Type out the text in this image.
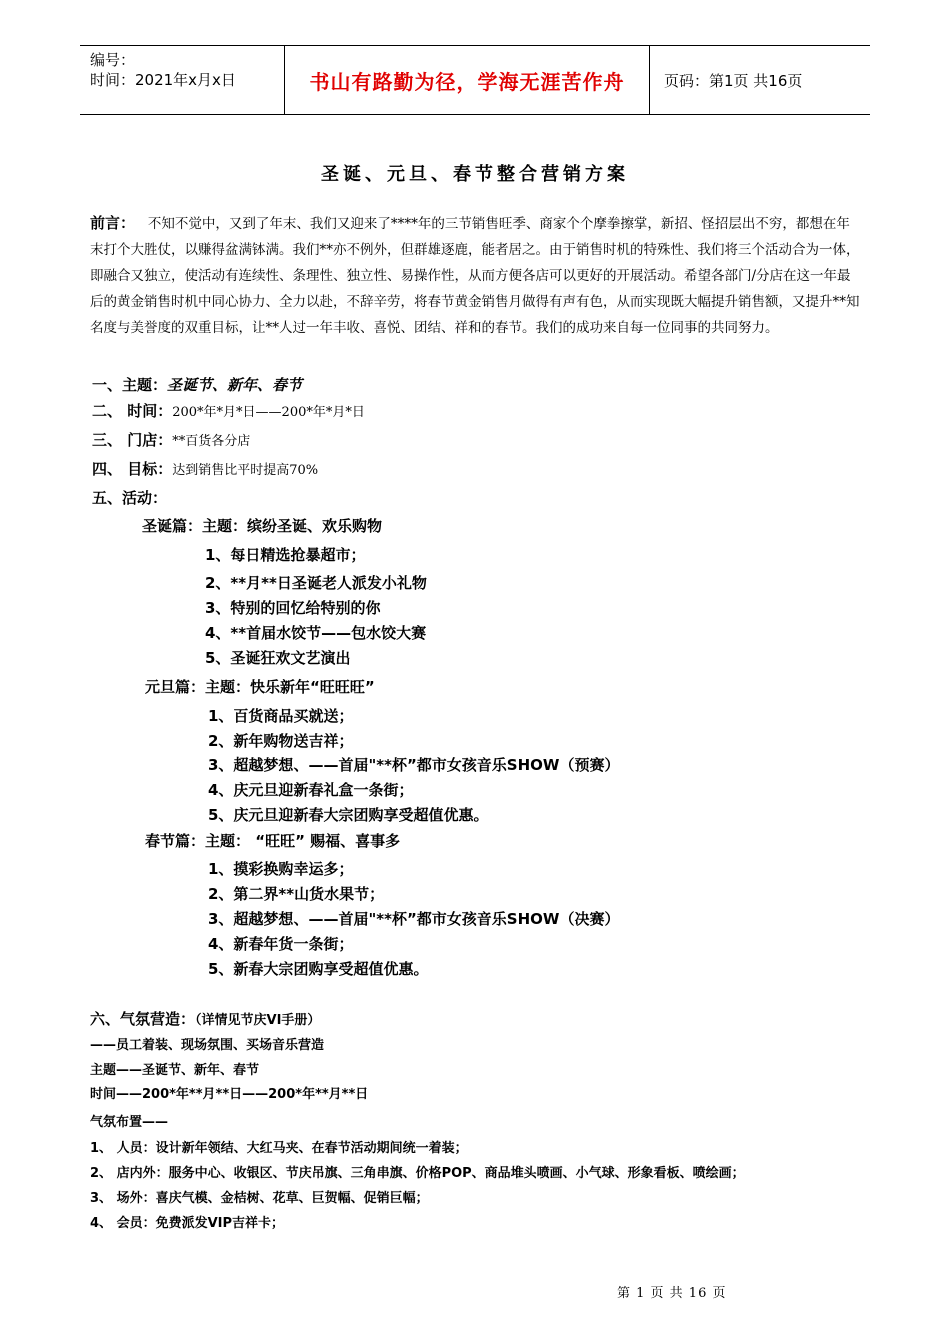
编号：
时间：2021年x月x日	书山有路勤为径，学海无涯苦作舟	页码：第1页 共16页
圣诞、元旦、春节整合营销方案
前言： 不知不觉中，又到了年末、我们又迎来了****年的三节销售旺季、商家个个摩拳擦掌，新招、怪招层出不穷，都想在年末打个大胜仗，以赚得盆满钵满。我们**亦不例外，但群雄逐鹿，能者居之。由于销售时机的特殊性、我们将三个活动合为一体，即融合又独立，使活动有连续性、条理性、独立性、易操作性，从而方便各店可以更好的开展活动。希望各部门/分店在这一年最后的黄金销售时机中同心协力、全力以赴，不辞辛劳，将春节黄金销售月做得有声有色，从而实现既大幅提升销售额，又提升**知名度与美誉度的双重目标，让**人过一年丰收、喜悦、团结、祥和的春节。我们的成功来自每一位同事的共同努力。
一、主题：圣诞节、新年、春节
二、 时间：200*年*月*日——200*年*月*日
三、 门店：**百货各分店
四、 目标：达到销售比平时提高70%
五、活动：
圣诞篇：主题：缤纷圣诞、欢乐购物
1、每日精选抢暴超市；
2、**月**日圣诞老人派发小礼物
3、特别的回忆给特别的你
4、**首届水饺节——包水饺大赛
5、圣诞狂欢文艺演出
元旦篇：主题：快乐新年“旺旺旺”
1、百货商品买就送；
2、新年购物送吉祥；
3、超越梦想、——首届"**杯”都市女孩音乐SHOW（预赛）
4、庆元旦迎新春礼盒一条街；
5、庆元旦迎新春大宗团购享受超值优惠。
春节篇：主题： “旺旺” 赐福、喜事多
1、摸彩换购幸运多；
2、第二界**山货水果节；
3、超越梦想、——首届"**杯”都市女孩音乐SHOW（决赛）
4、新春年货一条街；
5、新春大宗团购享受超值优惠。
六、气氛营造：（详情见节庆VI手册）
——员工着装、现场氛围、买场音乐营造
主题——圣诞节、新年、春节
时间——200*年**月**日——200*年**月**日
气氛布置——
1、 人员：设计新年领结、大红马夹、在春节活动期间统一着装；
2、 店内外：服务中心、收银区、节庆吊旗、三角串旗、价格POP、商品堆头喷画、小气球、形象看板、喷绘画；
3、 场外：喜庆气模、金桔树、花草、巨贺幅、促销巨幅；
4、 会员：免费派发VIP吉祥卡；
第 1 页 共 16 页
